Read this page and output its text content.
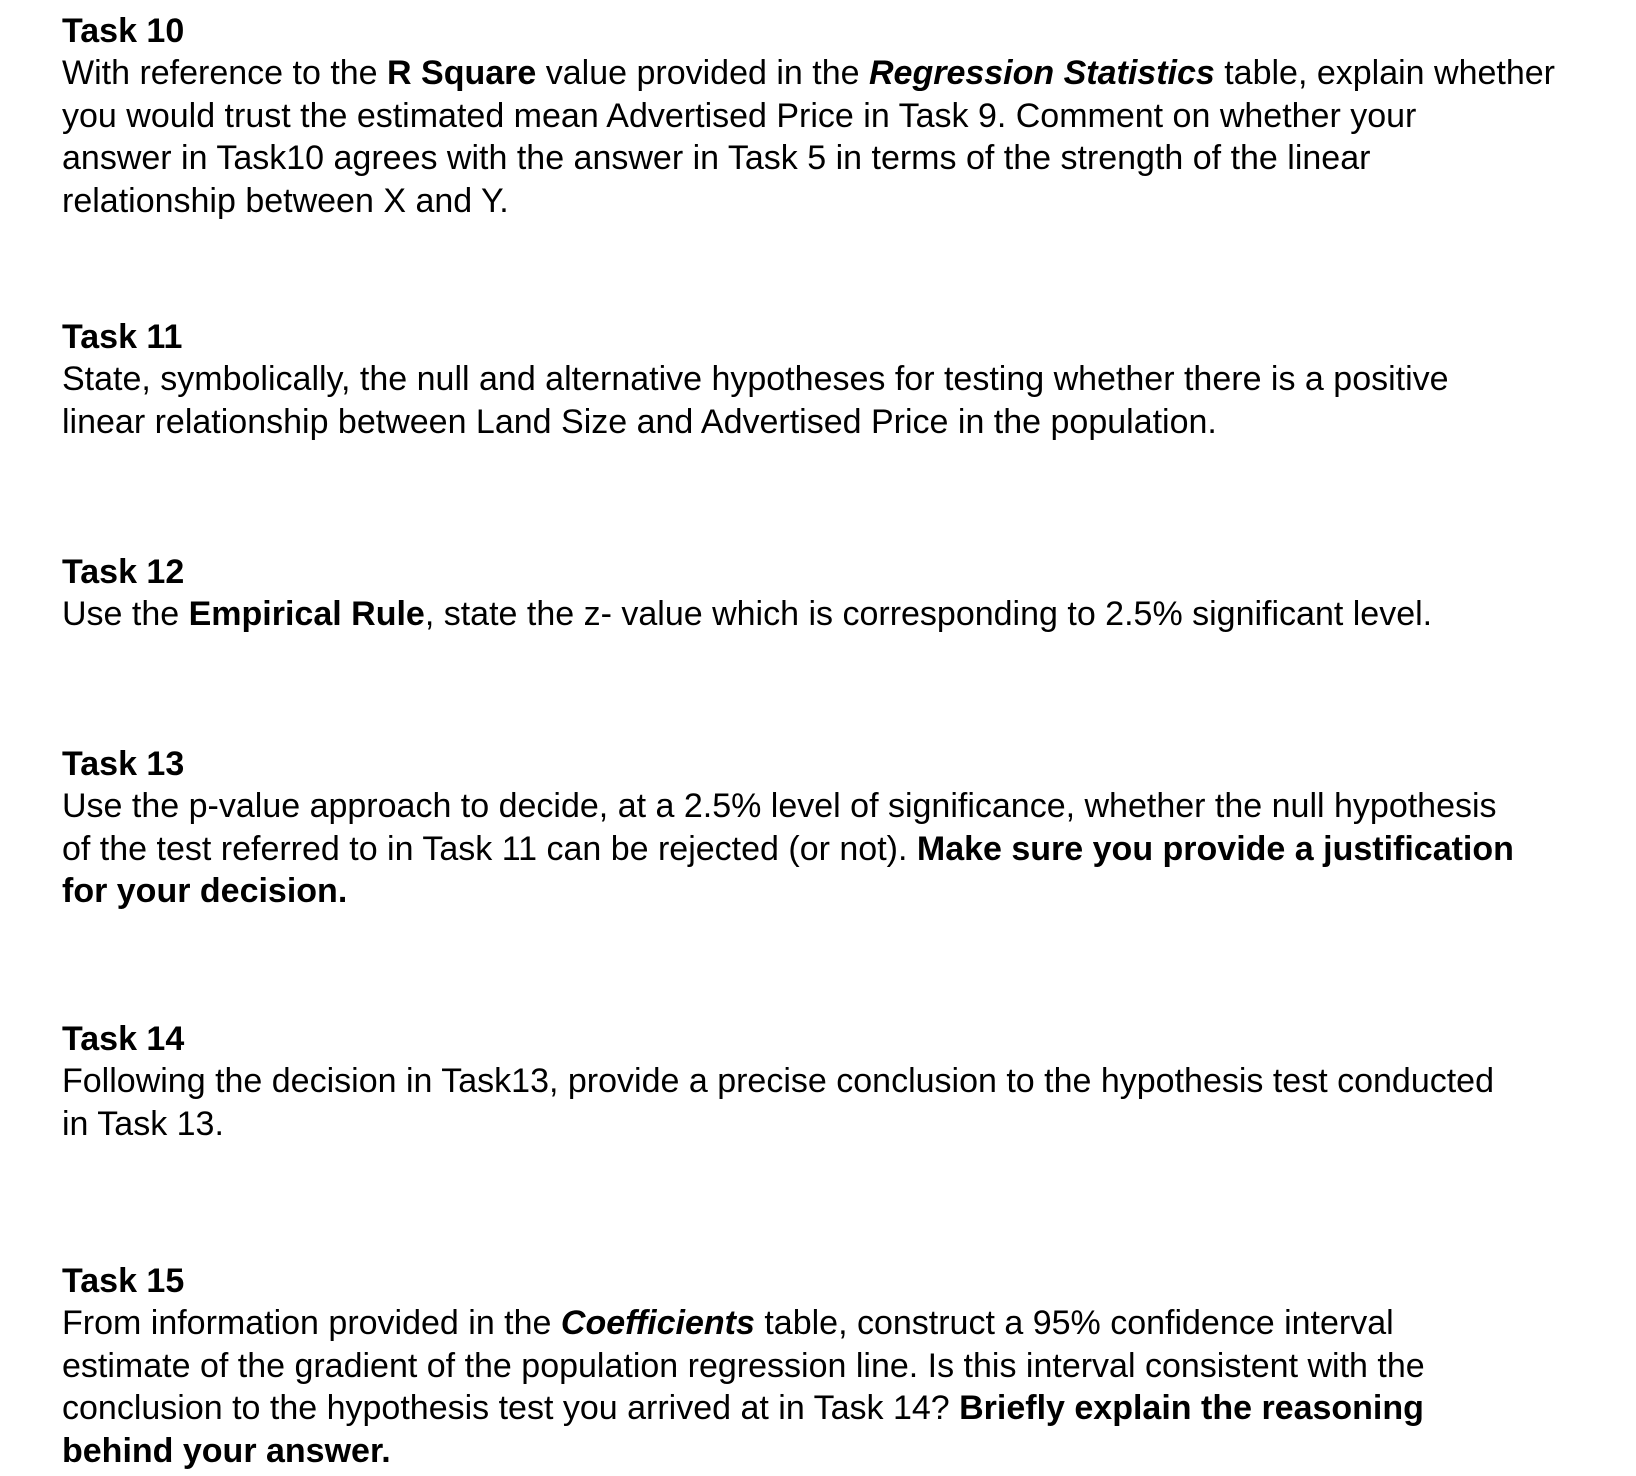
Task 10

With reference to the R Square value provided in the Regression Statistics table, explain whether
you would trust the estimated mean Advertised Price in Task 9. Comment on whether your
answer in Task10 agrees with the answer in Task 5 in terms of the strength of the linear
relationship between X and Y.

Task 11

State, symbolically, the null and alternative hypotheses for testing whether there is a positive
linear relationship between Land Size and Advertised Price in the population.

Task 12

Use the Empirical Rule, state the z- value which is corresponding to 2.5% significant level.

Task 13

Use the p-value approach to decide, at a 2.5% level of significance, whether the null hypothesis
of the test referred to in Task 11 can be rejected (or not). Make sure you provide a justification
for your decision.

Task 14

Following the decision in Task13, provide a precise conclusion to the hypothesis test conducted
in Task 13.

Task 15

From information provided in the Coefficients table, construct a 95% confidence interval
estimate of the gradient of the population regression line. Is this interval consistent with the
conclusion to the hypothesis test you arrived at in Task 14? Briefly explain the reasoning
behind your answer.
